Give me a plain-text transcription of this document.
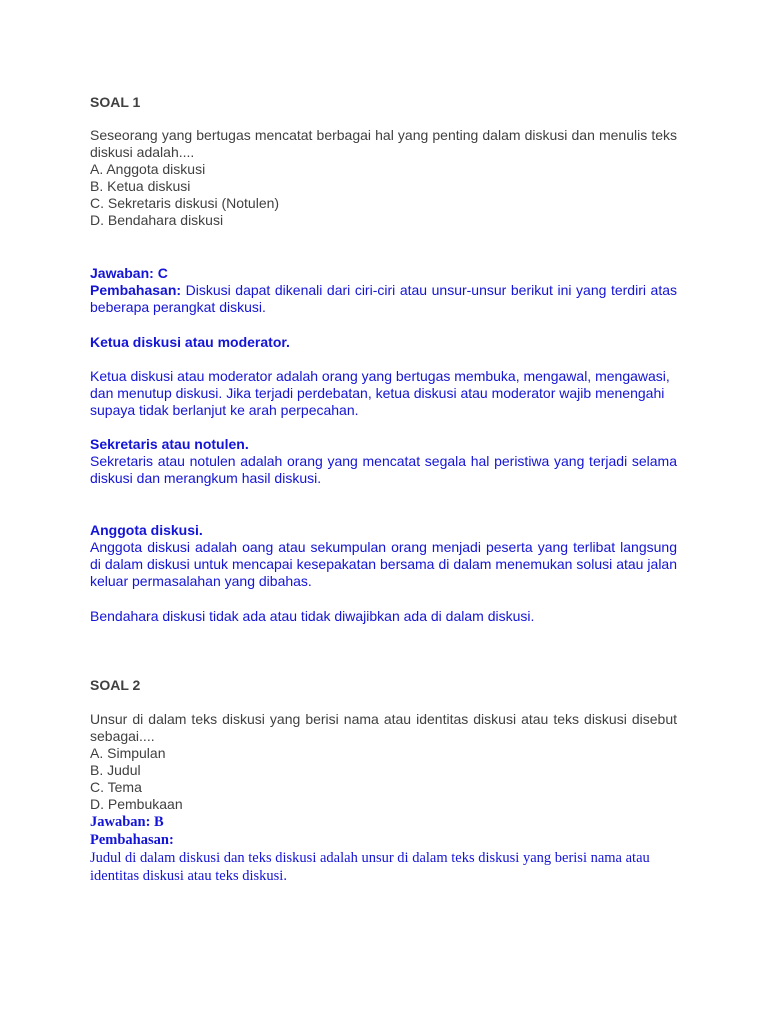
SOAL 1

Seseorang yang bertugas mencatat berbagai hal yang penting dalam diskusi dan menulis teks diskusi adalah....

A. Anggota diskusi

B. Ketua diskusi

C. Sekretaris diskusi (Notulen)

D. Bendahara diskusi

Jawaban: C

Pembahasan: Diskusi dapat dikenali dari ciri-ciri atau unsur-unsur berikut ini yang terdiri atas beberapa perangkat diskusi.

Ketua diskusi atau moderator.

Ketua diskusi atau moderator adalah orang yang bertugas membuka, mengawal, mengawasi, dan menutup diskusi. Jika terjadi perdebatan, ketua diskusi atau moderator wajib menengahi supaya tidak berlanjut ke arah perpecahan.

Sekretaris atau notulen.

Sekretaris atau notulen adalah orang yang mencatat segala hal peristiwa yang terjadi selama diskusi dan merangkum hasil diskusi.

Anggota diskusi.

Anggota diskusi adalah oang atau sekumpulan orang menjadi peserta yang terlibat langsung di dalam diskusi untuk mencapai kesepakatan bersama di dalam menemukan solusi atau jalan keluar permasalahan yang dibahas.

Bendahara diskusi tidak ada atau tidak diwajibkan ada di dalam diskusi.

SOAL 2

Unsur di dalam teks diskusi yang berisi nama atau identitas diskusi atau teks diskusi disebut sebagai....

A. Simpulan

B. Judul

C. Tema

D. Pembukaan

Jawaban: B

Pembahasan:

Judul di dalam diskusi dan teks diskusi adalah unsur di dalam teks diskusi yang berisi nama atau identitas diskusi atau teks diskusi.
